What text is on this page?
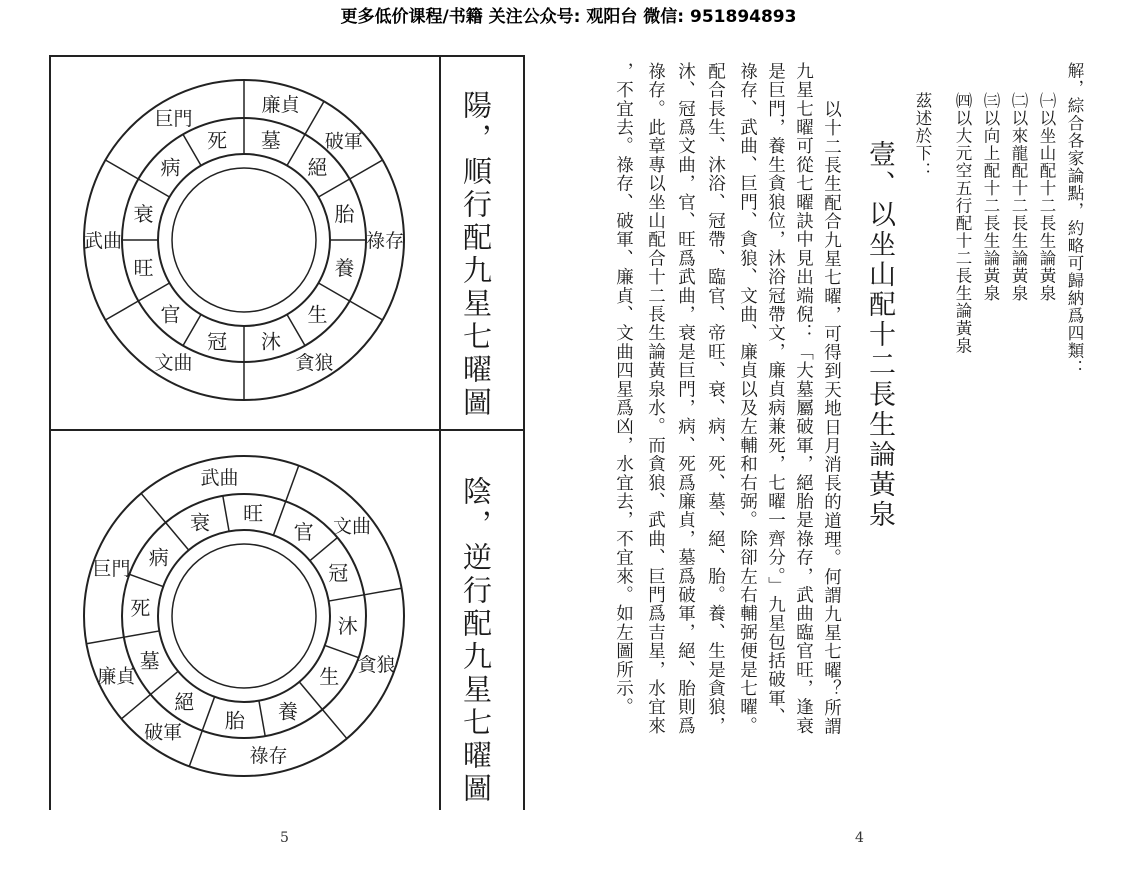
更多低价课程/书籍 关注公众号: 观阳台 微信: 951894893
祿存
貪狼
文曲
武曲
巨門
廉貞
破軍
胎
養
生
沐
冠
官
旺
衰
病
死 墓
絕
祿存
貪狼
文曲
武曲
巨門
廉貞
破軍 胎 養
生
沐
冠
官
旺
衰
病
死
墓
絕
陽，順行配九星七曜圖
陰，逆行配九星七曜圖
5
解，綜合各家論點，約略可歸納爲四類：
㈠以坐山配十二長生論黃泉
㈡以來龍配十二長生論黃泉
㈢以向上配十二長生論黃泉
㈣以大元空五行配十二長生論黃泉
茲述於下：
壹、以坐山配十二長生論黃泉
以十二長生配合九星七曜，可得到天地日月消長的道理。何謂九星七曜？所謂
九星七曜可從七曜訣中見出端倪：「大墓屬破軍，絕胎是祿存，武曲臨官旺，逢衰
是巨門，養生貪狼位，沐浴冠帶文，廉貞病兼死，七曜一齊分。」九星包括破軍、
祿存、武曲、巨門、貪狼、文曲、廉貞以及左輔和右弼。除卻左右輔弼便是七曜。
配合長生、沐浴、冠帶、臨官、帝旺、衰、病、死、墓、絕、胎。養、生是貪狼，
沐、冠爲文曲，官、旺爲武曲，衰是巨門，病、死爲廉貞，墓爲破軍，絕、胎則爲
祿存。此章專以坐山配合十二長生論黃泉水。而貪狼、武曲、巨門爲吉星，水宜來
，不宜去。祿存、破軍、廉貞、文曲四星爲凶，水宜去，不宜來。如左圖所示。
4
